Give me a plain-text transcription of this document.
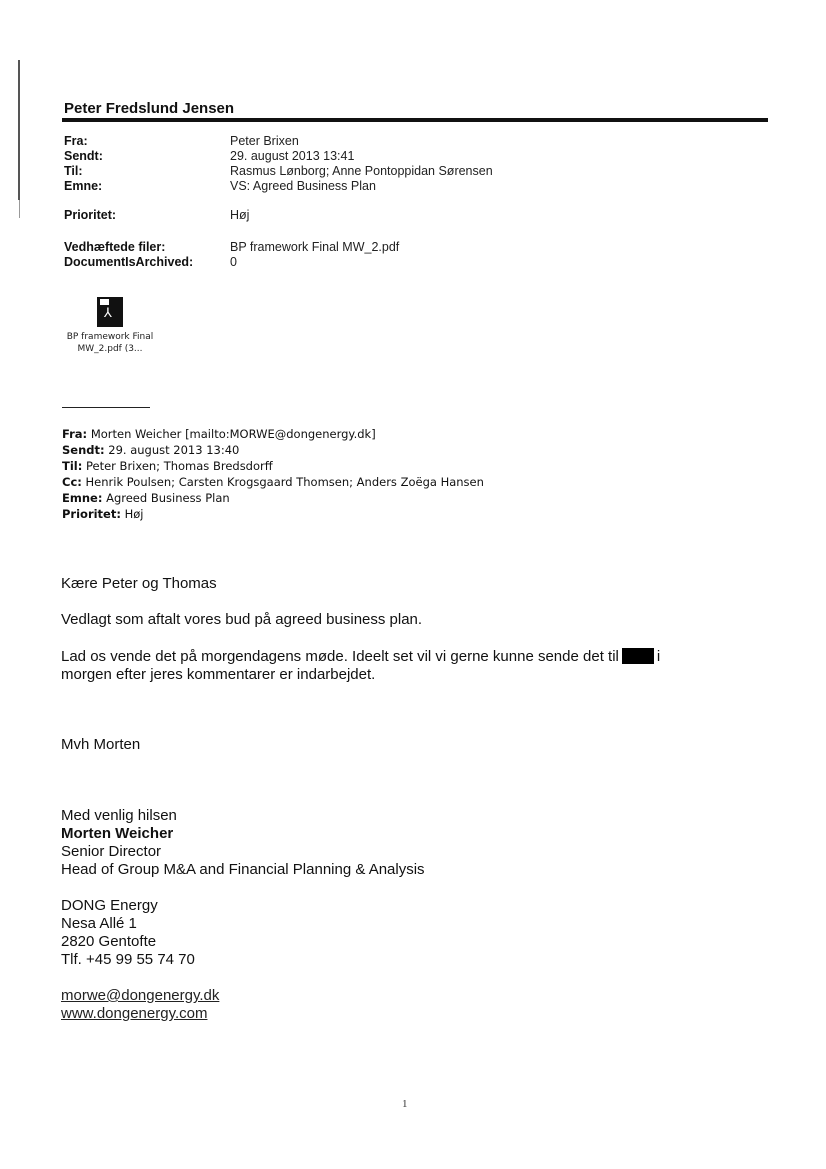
Peter Fredslund Jensen
Fra:	Peter Brixen
Sendt:	29. august 2013 13:41
Til:	Rasmus Lønborg; Anne Pontoppidan Sørensen
Emne:	VS: Agreed Business Plan
Prioritet:	Høj
Vedhæftede filer:	BP framework Final MW_2.pdf
DocumentIsArchived:	0
⅄
BP framework Final
MW_2.pdf (3...
Fra: Morten Weicher [mailto:MORWE@dongenergy.dk]
Sendt: 29. august 2013 13:40
Til: Peter Brixen; Thomas Bredsdorff
Cc: Henrik Poulsen; Carsten Krogsgaard Thomsen; Anders Zoëga Hansen
Emne: Agreed Business Plan
Prioritet: Høj
Kære Peter og Thomas
Vedlagt som aftalt vores bud på agreed business plan.
Lad os vende det på morgendagens møde. Ideelt set vil vi gerne kunne sende det til	i
morgen efter jeres kommentarer er indarbejdet.
Mvh Morten
Med venlig hilsen
Morten Weicher
Senior Director
Head of Group M&A and Financial Planning & Analysis
DONG Energy
Nesa Allé 1
2820 Gentofte
Tlf. +45 99 55 74 70
morwe@dongenergy.dk
www.dongenergy.com
1
